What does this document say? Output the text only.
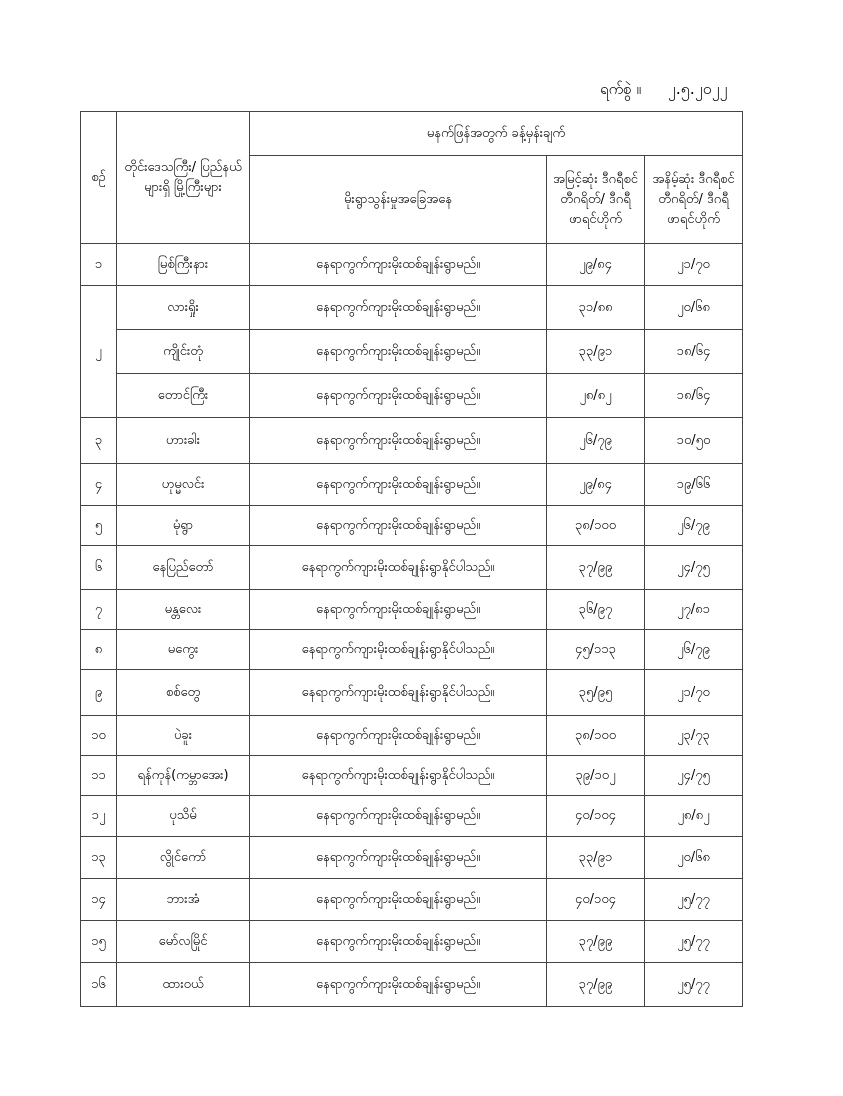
ရက်စွဲ ။ ၂.၅.၂၀၂၂
စဉ်	တိုင်းဒေသကြီး/ ပြည်နယ်များရှိ မြို့ကြီးများ	မနက်ဖြန်အတွက် ခန့်မှန်းချက်		
		မိုးရွာသွန်းမှုအခြေအနေ	အမြင့်ဆုံး ဒီဂရီစင်တီဂရိတ်/ ဒီဂရီဖာရင်ဟိုက်	အနိမ့်ဆုံး ဒီဂရီစင်တီဂရိတ်/ ဒီဂရီဖာရင်ဟိုက်
၁	မြစ်ကြီးနား	နေရာကွက်ကျားမိုးထစ်ချုန်းရွာမည်။	၂၉/၈၄	၂၁/၇၀
၂	လားရှိုး	နေရာကွက်ကျားမိုးထစ်ချုန်းရွာမည်။	၃၁/၈၈	၂၀/၆၈
	ကျိုင်းတုံ	နေရာကွက်ကျားမိုးထစ်ချုန်းရွာမည်။	၃၃/၉၁	၁၈/၆၄
	တောင်ကြီး	နေရာကွက်ကျားမိုးထစ်ချုန်းရွာမည်။	၂၈/၈၂	၁၈/၆၄
၃	ဟားခါး	နေရာကွက်ကျားမိုးထစ်ချုန်းရွာမည်။	၂၆/၇၉	၁၀/၅၀
၄	ဟုမ္မလင်း	နေရာကွက်ကျားမိုးထစ်ချုန်းရွာမည်။	၂၉/၈၄	၁၉/၆၆
၅	မုံရွာ	နေရာကွက်ကျားမိုးထစ်ချုန်းရွာမည်။	၃၈/၁၀၀	၂၆/၇၉
၆	နေပြည်တော်	နေရာကွက်ကျားမိုးထစ်ချုန်းရွာနိုင်ပါသည်။	၃၇/၉၉	၂၄/၇၅
၇	မန္တလေး	နေရာကွက်ကျားမိုးထစ်ချုန်းရွာမည်။	၃၆/၉၇	၂၇/၈၁
၈	မကွေး	နေရာကွက်ကျားမိုးထစ်ချုန်းရွာနိုင်ပါသည်။	၄၅/၁၁၃	၂၆/၇၉
၉	စစ်တွေ	နေရာကွက်ကျားမိုးထစ်ချုန်းရွာနိုင်ပါသည်။	၃၅/၉၅	၂၁/၇၀
၁၀	ပဲခူး	နေရာကွက်ကျားမိုးထစ်ချုန်းရွာမည်။	၃၈/၁၀၀	၂၃/၇၃
၁၁	ရန်ကုန်(ကမ္ဘာအေး)	နေရာကွက်ကျားမိုးထစ်ချုန်းရွာနိုင်ပါသည်။	၃၉/၁၀၂	၂၄/၇၅
၁၂	ပုသိမ်	နေရာကွက်ကျားမိုးထစ်ချုန်းရွာမည်။	၄၀/၁၀၄	၂၈/၈၂
၁၃	လွိုင်ကော်	နေရာကွက်ကျားမိုးထစ်ချုန်းရွာမည်။	၃၃/၉၁	၂၀/၆၈
၁၄	ဘားအံ	နေရာကွက်ကျားမိုးထစ်ချုန်းရွာမည်။	၄၀/၁၀၄	၂၅/၇၇
၁၅	မော်လမြိုင်	နေရာကွက်ကျားမိုးထစ်ချုန်းရွာမည်။	၃၇/၉၉	၂၅/၇၇
၁၆	ထားဝယ်	နေရာကွက်ကျားမိုးထစ်ချုန်းရွာမည်။	၃၇/၉၉	၂၅/၇၇
